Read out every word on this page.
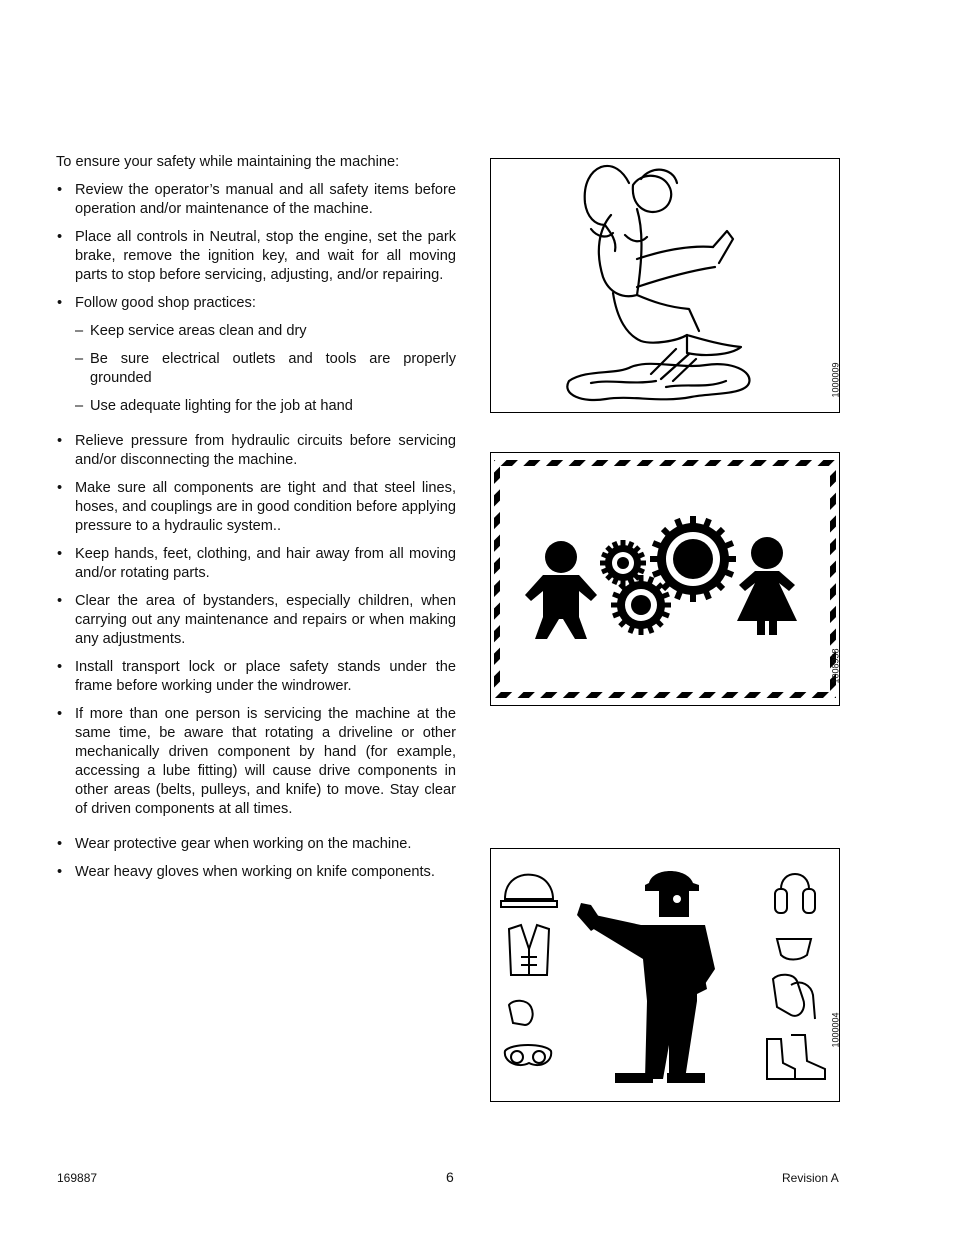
To ensure your safety while maintaining the machine:

• Review the operator’s manual and all safety items before operation and/or maintenance of the machine.
• Place all controls in Neutral, stop the engine, set the park brake, remove the ignition key, and wait for all moving parts to stop before servicing, adjusting, and/or repairing.
• Follow good shop practices:
– Keep service areas clean and dry
– Be sure electrical outlets and tools are properly grounded
– Use adequate lighting for the job at hand
• Relieve pressure from hydraulic circuits before servicing and/or disconnecting the machine.
• Make sure all components are tight and that steel lines, hoses, and couplings are in good condition before applying pressure to a hydraulic system..
• Keep hands, feet, clothing, and hair away from all moving and/or rotating parts.
• Clear the area of bystanders, especially children, when carrying out any maintenance and repairs or when making any adjustments.
• Install transport lock or place safety stands under the frame before working under the windrower.
• If more than one person is servicing the machine at the same time, be aware that rotating a driveline or other mechanically driven component by hand (for example, accessing a lube fitting) will cause drive components in other areas (belts, pulleys, and knife) to move. Stay clear of driven components at all times.
• Wear protective gear when working on the machine.
• Wear heavy gloves when working on knife components.
1000009
1008958
1000004
169887	6	Revision A
